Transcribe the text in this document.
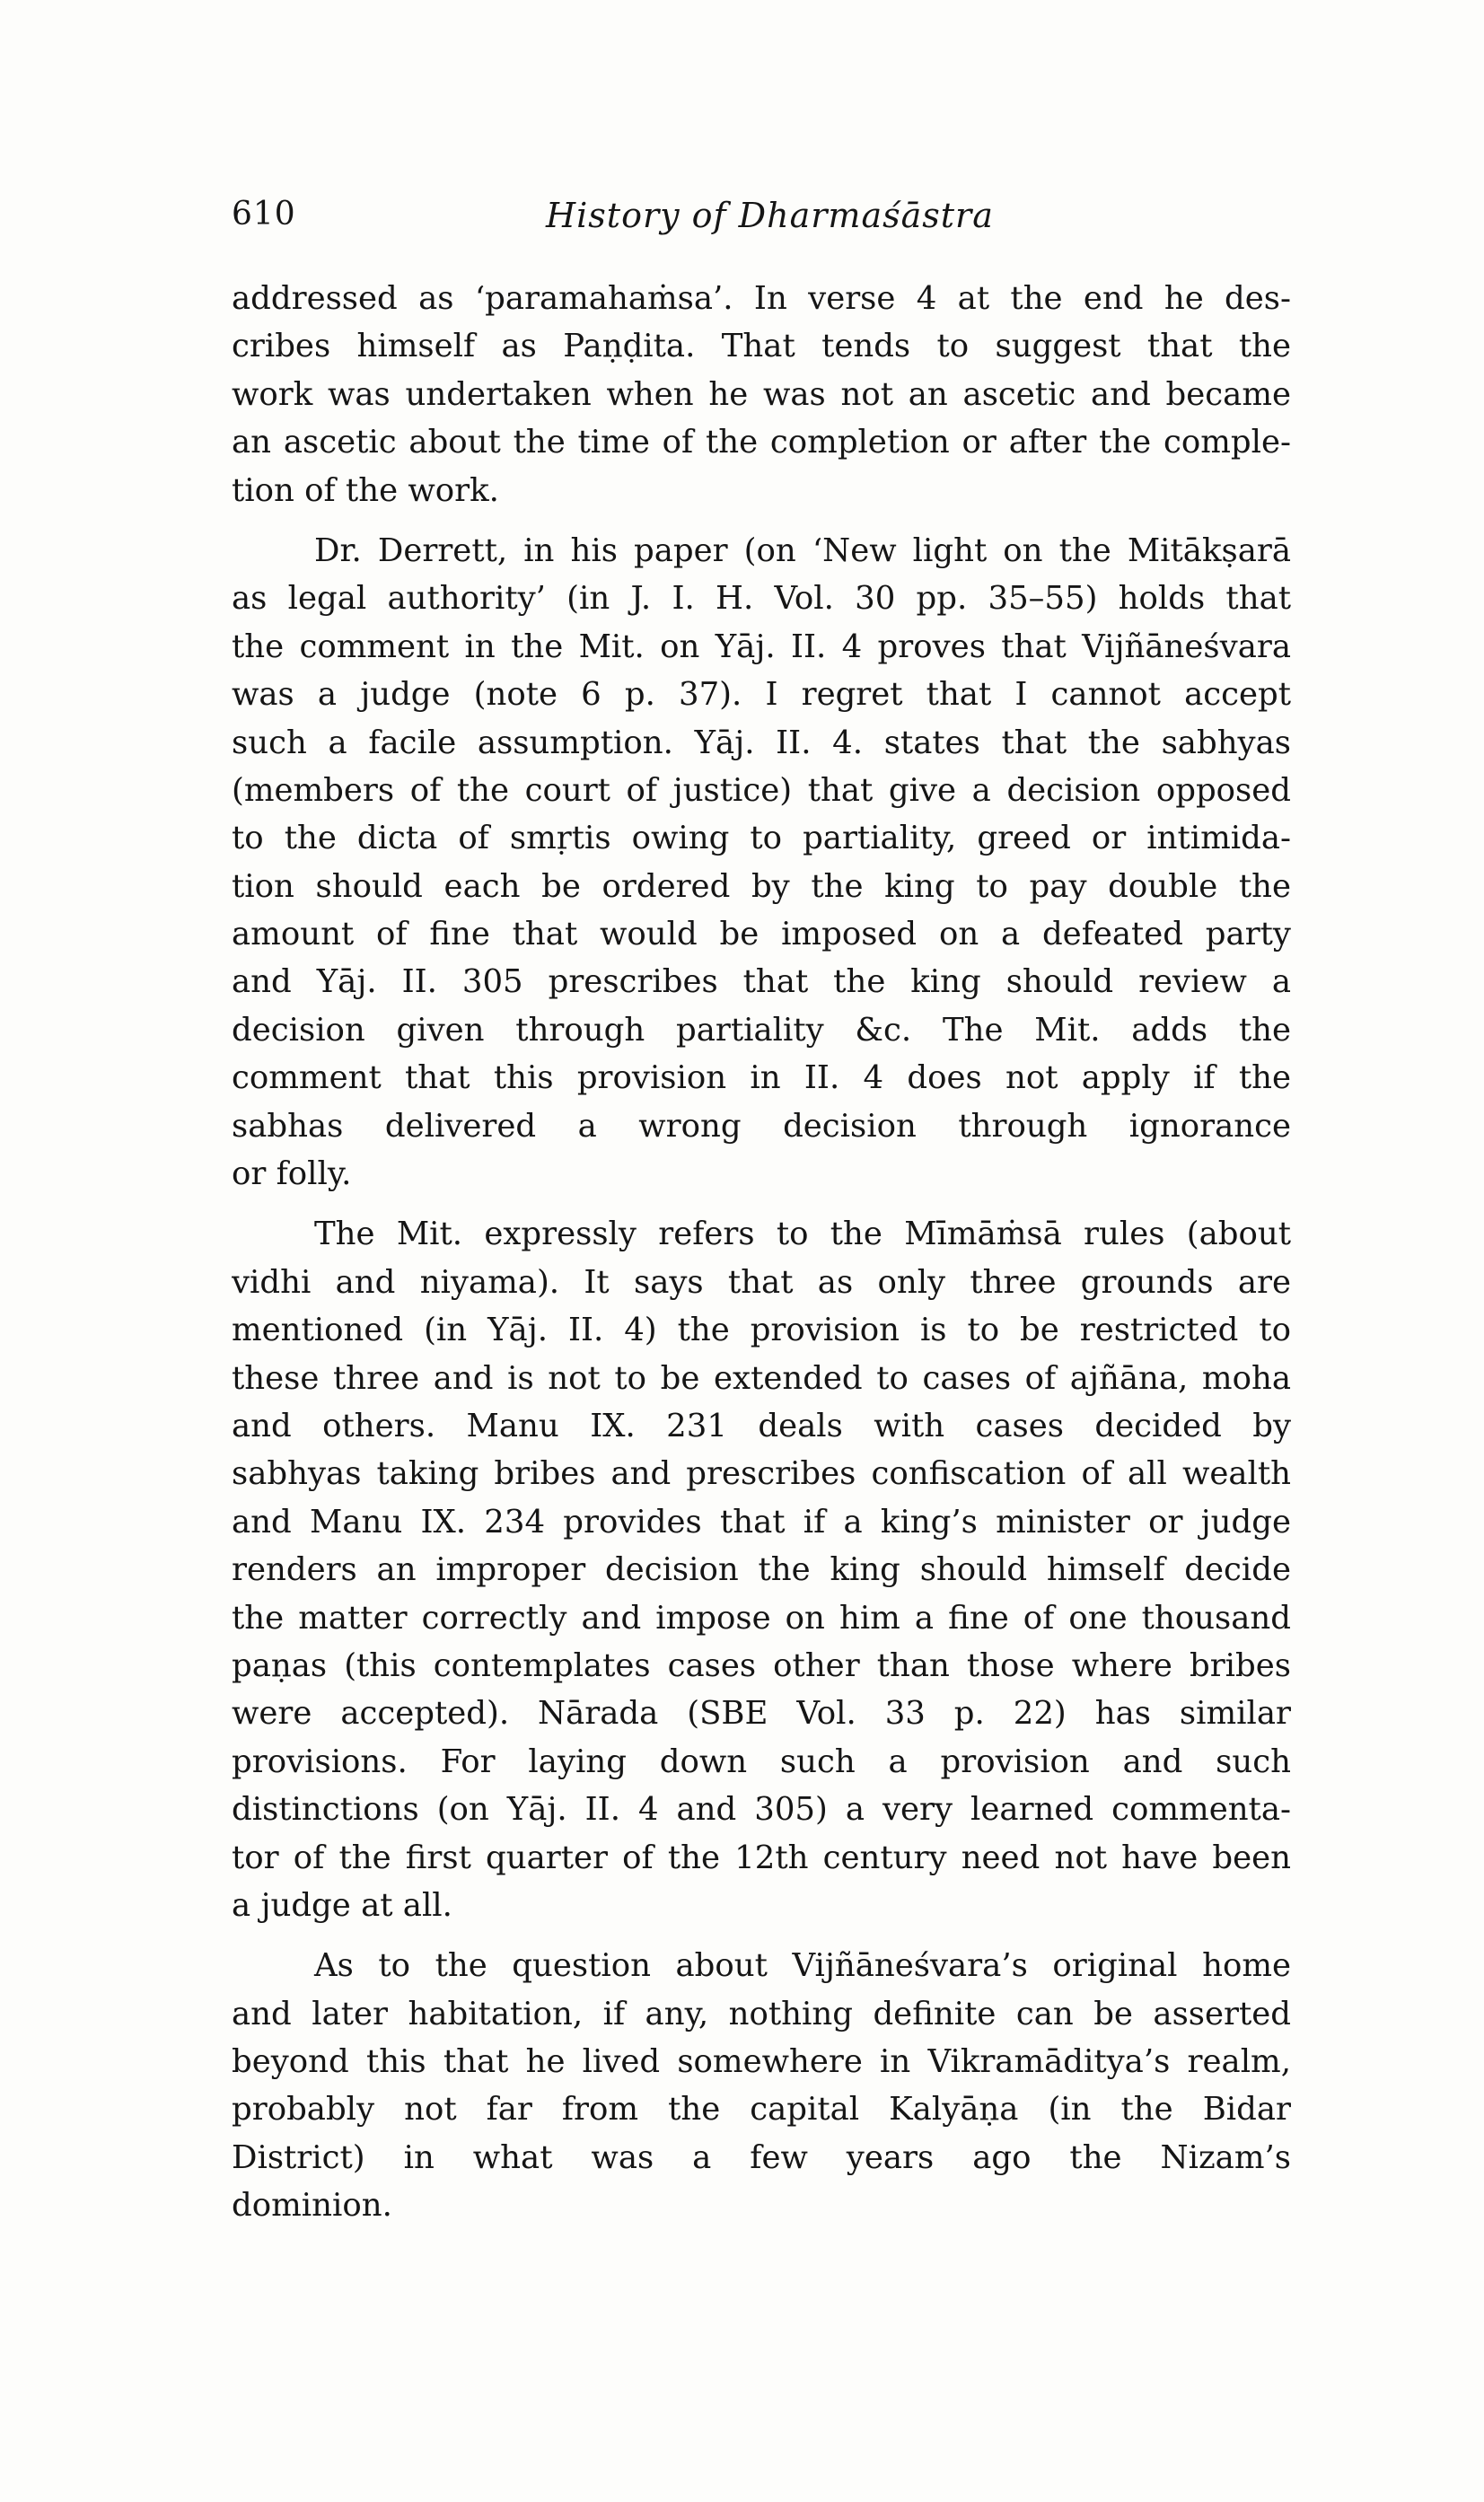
610	History of Dharmaśāstra
addressed as ‘paramahaṁsa’. In verse 4 at the end he des-
cribes himself as Paṇḍita. That tends to suggest that the
work was undertaken when he was not an ascetic and became
an ascetic about the time of the completion or after the comple-
tion of the work.
Dr. Derrett, in his paper (on ‘New light on the Mitākṣarā
as legal authority’ (in J. I. H. Vol. 30 pp. 35–55) holds that
the comment in the Mit. on Yāj. II. 4 proves that Vijñāneśvara
was a judge (note 6 p. 37). I regret that I cannot accept
such a facile assumption. Yāj. II. 4. states that the sabhyas
(members of the court of justice) that give a decision opposed
to the dicta of smṛtis owing to partiality, greed or intimida-
tion should each be ordered by the king to pay double the
amount of fine that would be imposed on a defeated party
and Yāj. II. 305 prescribes that the king should review a
decision given through partiality &c. The Mit. adds the
comment that this provision in II. 4 does not apply if the
sabhas delivered a wrong decision through ignorance
or folly.
The Mit. expressly refers to the Mīmāṁsā rules (about
vidhi and niyama). It says that as only three grounds are
mentioned (in Yāj. II. 4) the provision is to be restricted to
these three and is not to be extended to cases of ajñāna, moha
and others. Manu IX. 231 deals with cases decided by
sabhyas taking bribes and prescribes confiscation of all wealth
and Manu IX. 234 provides that if a king’s minister or judge
renders an improper decision the king should himself decide
the matter correctly and impose on him a fine of one thousand
paṇas (this contemplates cases other than those where bribes
were accepted). Nārada (SBE Vol. 33 p. 22) has similar
provisions. For laying down such a provision and such
distinctions (on Yāj. II. 4 and 305) a very learned commenta-
tor of the first quarter of the 12th century need not have been
a judge at all.
As to the question about Vijñāneśvara’s original home
and later habitation, if any, nothing definite can be asserted
beyond this that he lived somewhere in Vikramāditya’s realm,
probably not far from the capital Kalyāṇa (in the Bidar
District) in what was a few years ago the Nizam’s
dominion.
